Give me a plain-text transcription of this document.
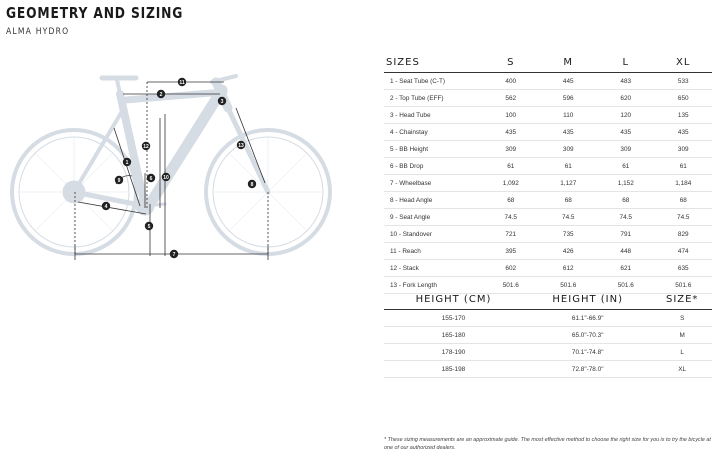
GEOMETRY AND SIZING
ALMA HYDRO
1
2
3
4
5
6
7
8
9	10
11
12	13
SIZES	S	M	L	XL
1 - Seat Tube (C-T)	400	445	483	533
2 - Top Tube (EFF)	562	596	620	650
3 - Head Tube	100	110	120	135
4 - Chainstay	435	435	435	435
5 - BB Height	309	309	309	309
6 - BB Drop	61	61	61	61
7 - Wheelbase	1,092	1,127	1,152	1,184
8 - Head Angle	68	68	68	68
9 - Seat Angle	74.5	74.5	74.5	74.5
10 - Standover	721	735	791	829
11 - Reach	395	426	448	474
12 - Stack	602	612	621	635
13 - Fork Length	501.6	501.6	501.6	501.6
HEIGHT (CM)	HEIGHT (IN)	SIZE*
155-170	61.1"-66.9"	S
165-180	65.0"-70.3"	M
178-190	70.1"-74.8"	L
185-198	72.8"-78.0"	XL
* These sizing measurements are an approximate guide. The most effective method to choose the right size for you is to try the bicycle at one of our authorized dealers.
